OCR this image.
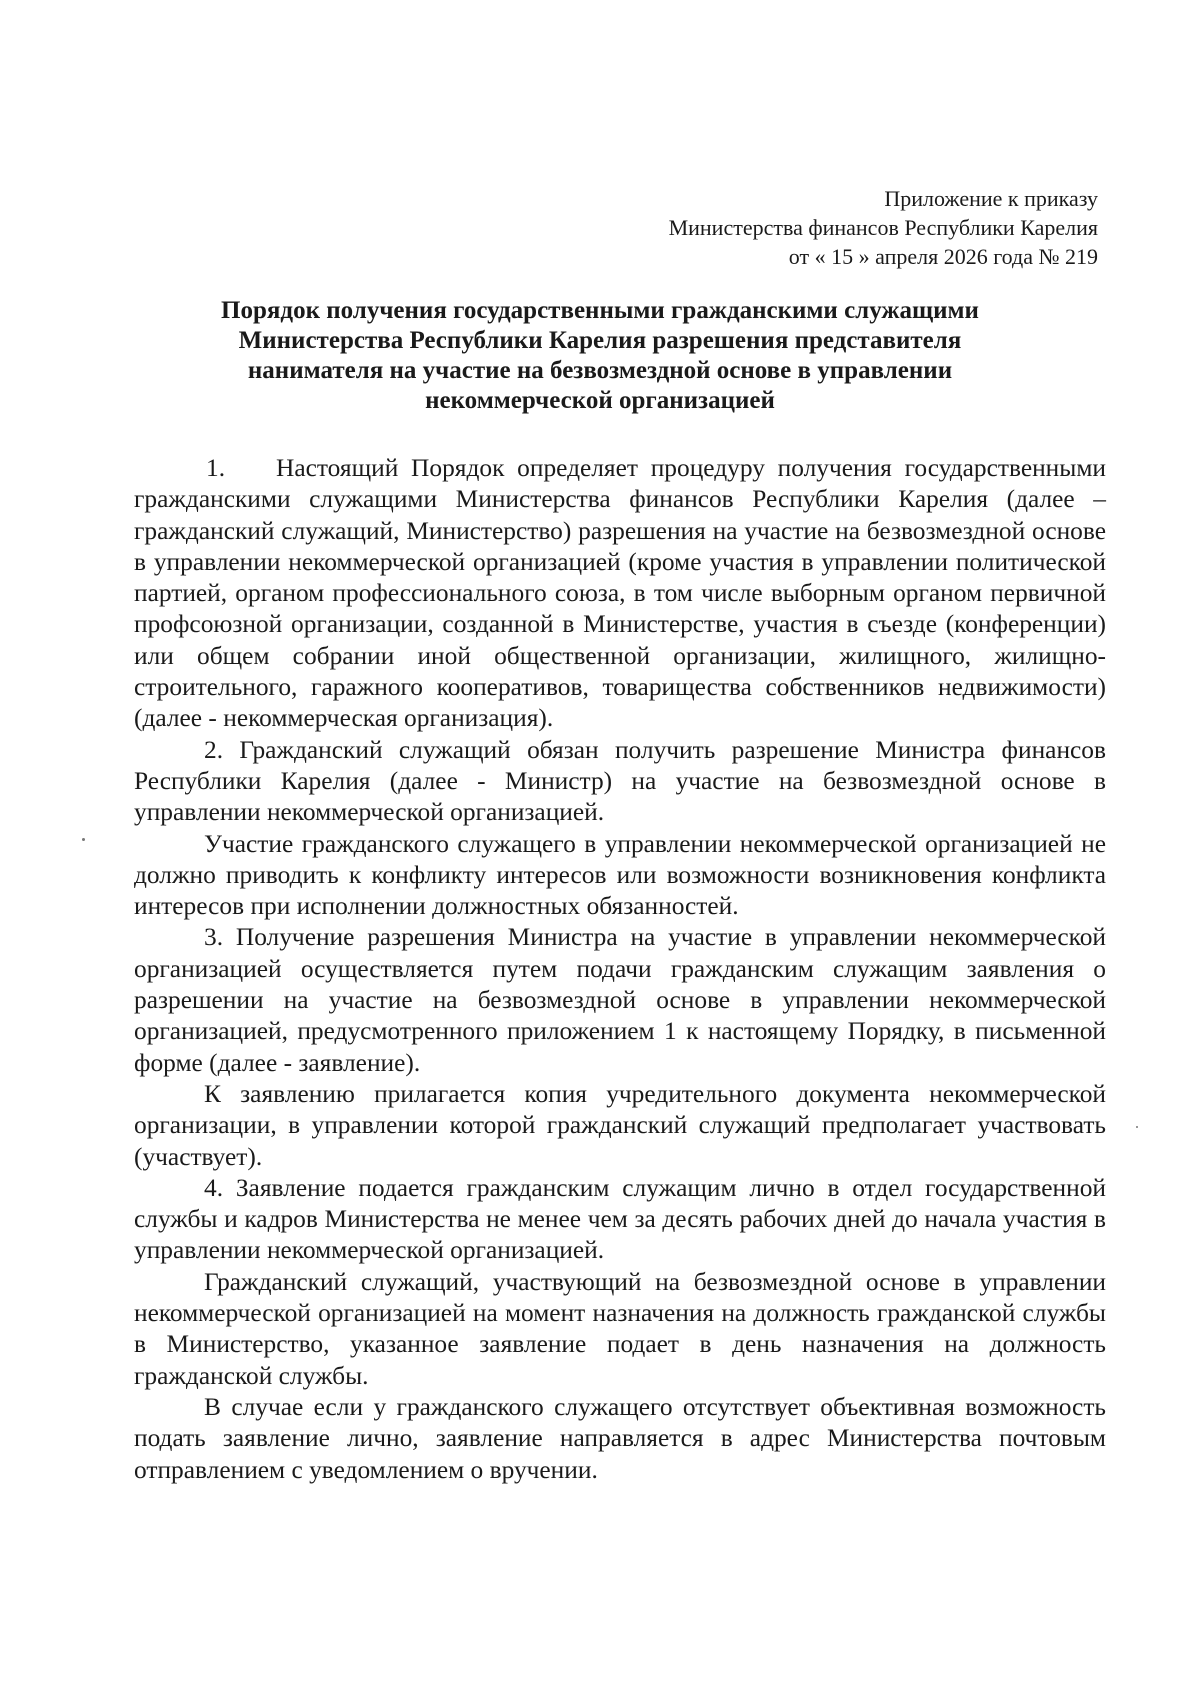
Приложение к приказу
Министерства финансов Республики Карелия
от « 15 » апреля 2026 года № 219
Порядок получения государственными гражданскими служащими
Министерства Республики Карелия разрешения представителя
нанимателя на участие на безвозмездной основе в управлении
некоммерческой организацией

1.    Настоящий Порядок определяет процедуру получения государственными гражданскими служащими Министерства финансов Республики Карелия (далее – гражданский служащий, Министерство) разрешения на участие на безвозмездной основе в управлении некоммерческой организацией (кроме участия в управлении политической партией, органом профессионального союза, в том числе выборным органом первичной профсоюзной организации, созданной в Министерстве, участия в съезде (конференции) или общем собрании иной общественной организации, жилищного, жилищно-строительного, гаражного кооперативов, товарищества собственников недвижимости) (далее - некоммерческая организация).

2. Гражданский служащий обязан получить разрешение Министра финансов Республики Карелия (далее - Министр) на участие на безвозмездной основе в управлении некоммерческой организацией.

Участие гражданского служащего в управлении некоммерческой организацией не должно приводить к конфликту интересов или возможности возникновения конфликта интересов при исполнении должностных обязанностей.

3. Получение разрешения Министра на участие в управлении некоммерческой организацией осуществляется путем подачи гражданским служащим заявления о разрешении на участие на безвозмездной основе в управлении некоммерческой организацией, предусмотренного приложением 1 к настоящему Порядку, в письменной форме (далее - заявление).

К заявлению прилагается копия учредительного документа некоммерческой организации, в управлении которой гражданский служащий предполагает участвовать (участвует).

4. Заявление подается гражданским служащим лично в отдел государственной службы и кадров Министерства не менее чем за десять рабочих дней до начала участия в управлении некоммерческой организацией.

Гражданский служащий, участвующий на безвозмездной основе в управлении некоммерческой организацией на момент назначения на должность гражданской службы в Министерство, указанное заявление подает в день назначения на должность гражданской службы.

В случае если у гражданского служащего отсутствует объективная возможность подать заявление лично, заявление направляется в адрес Министерства почтовым отправлением с уведомлением о вручении.
